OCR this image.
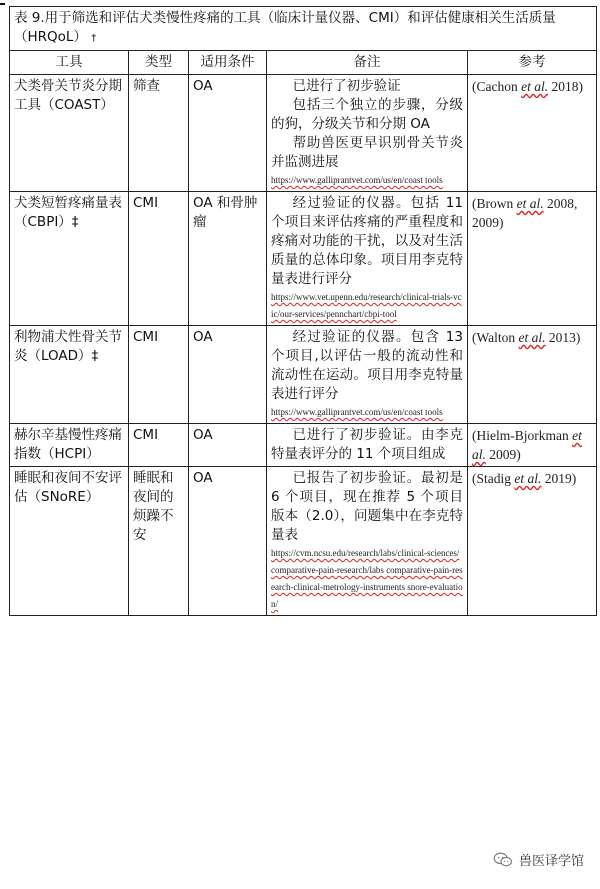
表 9.用于筛选和评估犬类慢性疼痛的工具（临床计量仪器、CMI）和评估健康相关生活质量（HRQoL） †				
工具	类型	适用条件	备注	参考
犬类骨关节炎分期工具（COAST）	筛查	OA	已进行了初步验证

包括三个独立的步骤，分级的狗，分级关节和分期 OA

帮助兽医更早识别骨关节炎并监测进展

https://www.galliprantvet.com/us/en/coast tools	(Cachon et al. 2018)
犬类短暂疼痛量表（CBPI）‡	CMI	OA 和骨肿瘤	经过验证的仪器。包括 11 个项目来评估疼痛的严重程度和疼痛对功能的干扰，以及对生活质量的总体印象。项目用李克特量表进行评分

https://www.vet.upenn.edu/research/clinical-trials-vcic/our-services/pennchart/cbpi-tool	(Brown et al. 2008, 2009)
利物浦犬性骨关节炎（LOAD）‡	CMI	OA	经过验证的仪器。包含 13 个项目,以评估一般的流动性和流动性在运动。项目用李克特量表进行评分

https://www.galliprantvet.com/us/en/coast tools	(Walton et al. 2013)
赫尔辛基慢性疼痛指数（HCPI）	CMI	OA	已进行了初步验证。由李克特量表评分的 11 个项目组成	(Hielm-Bjorkman et al. 2009)
睡眠和夜间不安评估（SNoRE）	睡眠和夜间的烦躁不安	OA	已报告了初步验证。最初是 6 个项目，现在推荐 5 个项目版本（2.0），问题集中在李克特量表

https://cvm.ncsu.edu/research/labs/clinical-sciences/comparative-pain-research/labs comparative-pain-research-clinical-metrology-instruments snore-evaluation/	(Stadig et al. 2019)
兽医译学馆
